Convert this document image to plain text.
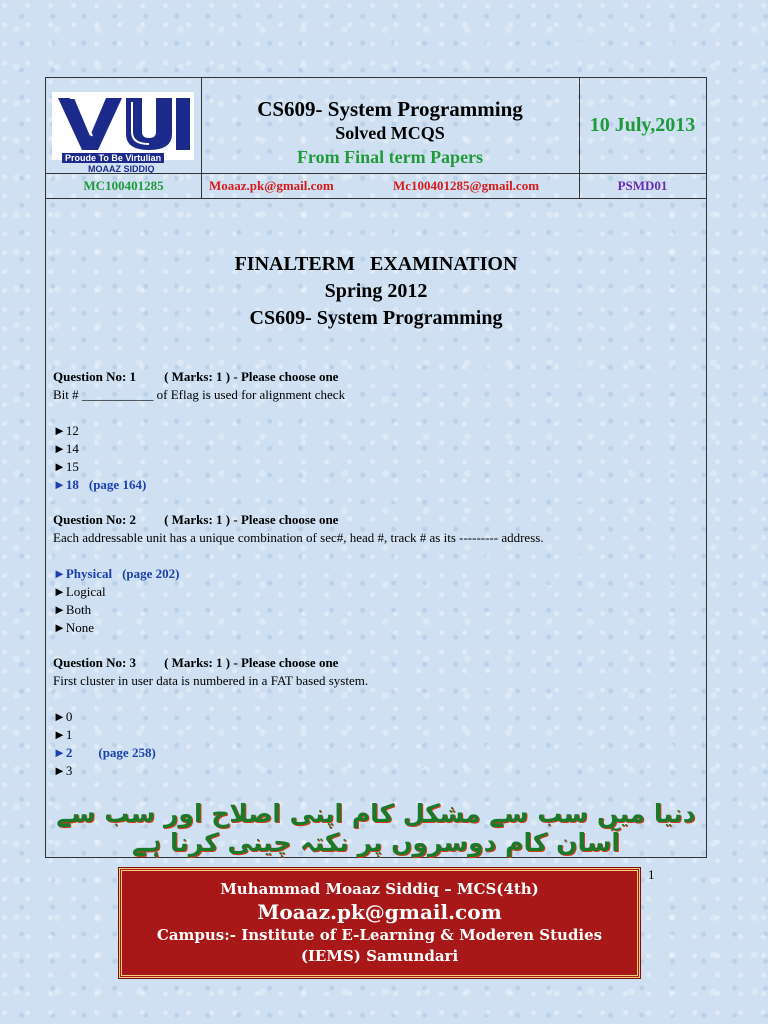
Proude To Be Virtulian
MOAAZ SIDDIQ
CS609- System Programming
Solved MCQS
From Final term Papers
10 July,2013
MC100401285	Moaaz.pk@gmail.com	Mc100401285@gmail.com	PSMD01
FINALTERM   EXAMINATION
Spring 2012
CS609- System Programming
Question No: 1 ( Marks: 1 ) - Please choose one
Bit # ___________ of Eflag is used for alignment check
►12
►14
►15
►18 (page 164)
Question No: 2 ( Marks: 1 ) - Please choose one
Each addressable unit has a unique combination of sec#, head #, track # as its --------- address.
►Physical (page 202)
►Logical
►Both
►None
Question No: 3 ( Marks: 1 ) - Please choose one
First cluster in user data is numbered in a FAT based system.
►0
►1
►2 (page 258)
►3
دنیا میں سب سے مشکل کام اپنی اصلاح اور سب سے آسان کام دوسروں پر نکتہ چینی کرنا ہے
1
Muhammad Moaaz Siddiq – MCS(4th)
Moaaz.pk@gmail.com
Campus:- Institute of E-Learning & Moderen Studies
(IEMS) Samundari
